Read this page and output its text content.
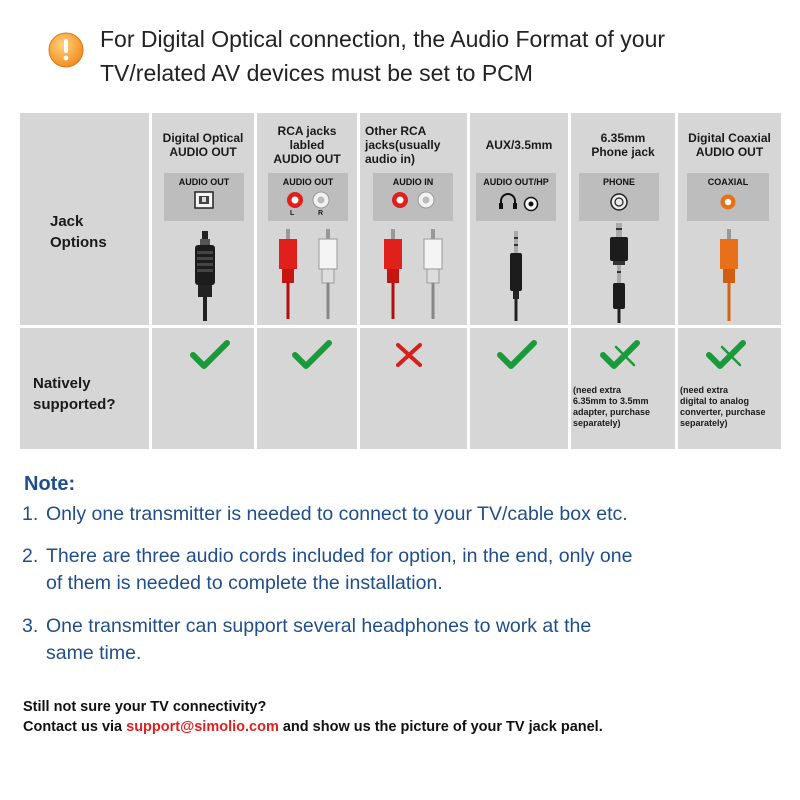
For Digital Optical connection, the Audio Format of your
TV/related AV devices must be set to PCM
Jack
Options
Natively
supported?
Digital Optical
AUDIO OUT
AUDIO OUT
RCA jacks
labled
AUDIO OUT
AUDIO OUT
L	R
Other RCA
jacks(usually
audio in)
AUDIO IN
AUX/3.5mm
AUDIO OUT/HP
6.35mm
Phone jack
PHONE
(need extra
6.35mm to 3.5mm
adapter, purchase
separately)
Digital Coaxial
AUDIO OUT
COAXIAL
(need extra
digital to analog
converter, purchase
separately)
Note:
1. Only one transmitter is needed to connect to your TV/cable box etc.
2. There are three audio cords included for option, in the end, only one
of them is needed to complete the installation.
3. One transmitter can support several headphones to work at the
same time.
Still not sure your TV connectivity?
Contact us via support@simolio.com and show us the picture of your TV jack panel.
